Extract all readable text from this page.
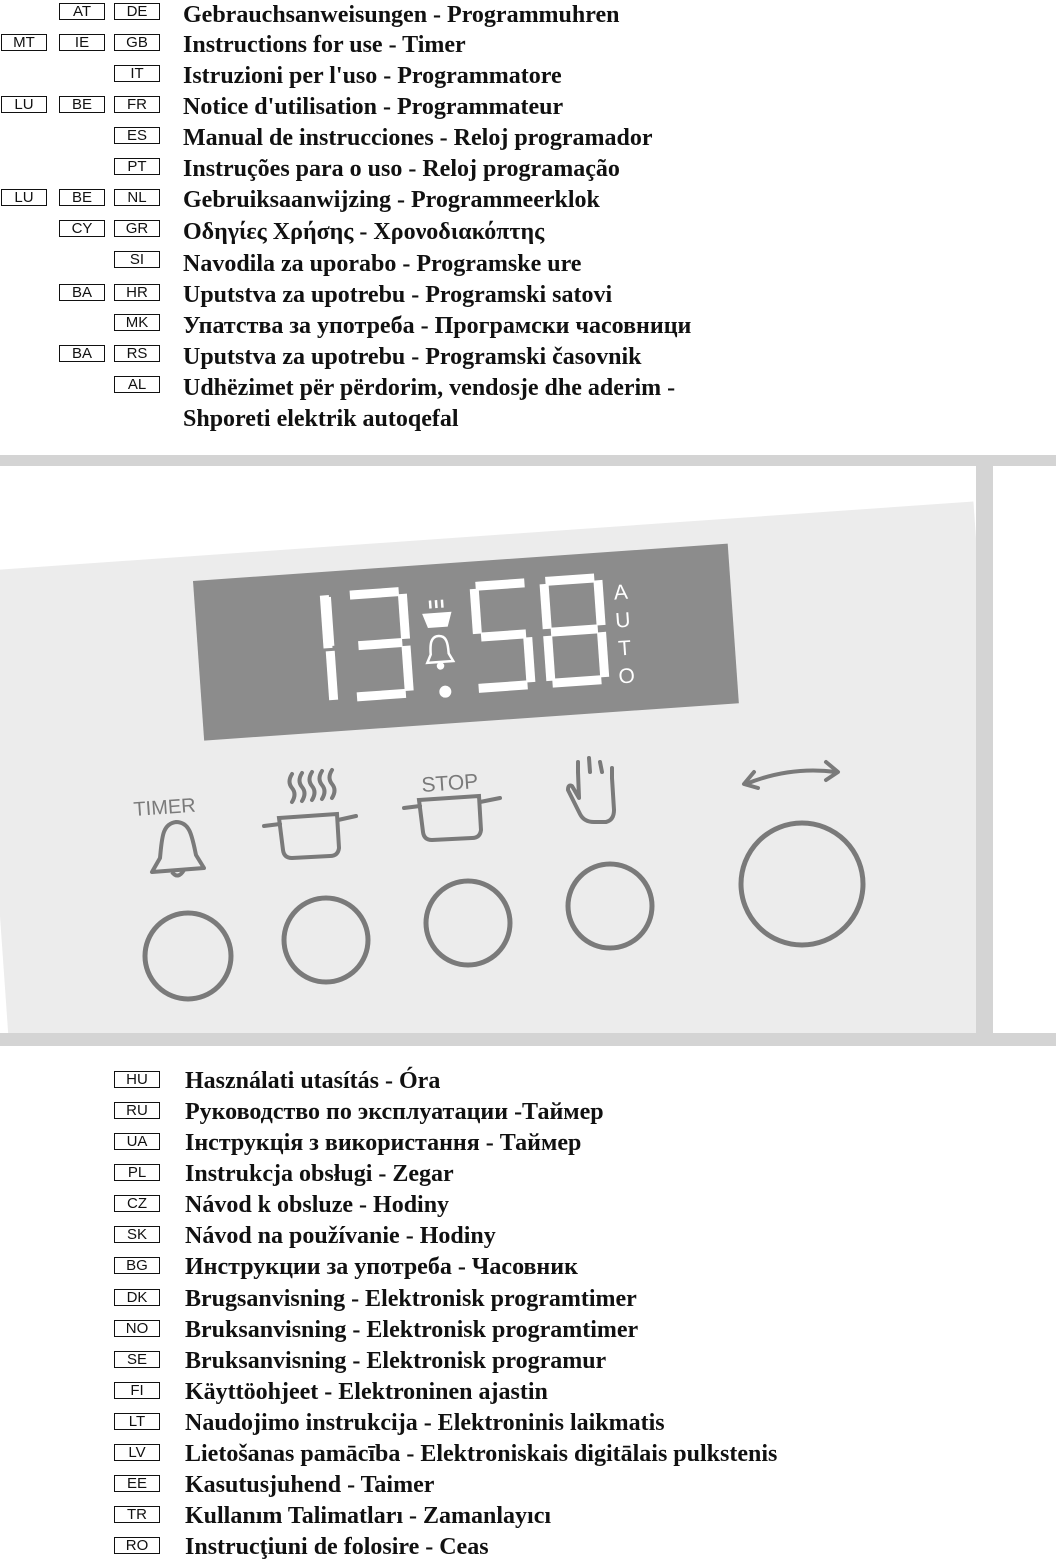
AT	DE	Gebrauchsanweisungen - Programmuhren
MT	IE	GB	Instructions for use - Timer
IT	Istruzioni per l'uso - Programmatore
LU	BE	FR	Notice d'utilisation - Programmateur
ES	Manual de instrucciones - Reloj programador
PT	Instruções para o uso - Reloj programação
LU	BE	NL	Gebruiksaanwijzing - Programmeerklok
CY	GR	Οδηγίες Χρήσης - Χρονοδιακόπτης
SI	Navodila za uporabo - Programske ure
BA	HR	Uputstva za upotrebu - Programski satovi
MK	Упатства за употреба - Програмски часовници
BA	RS	Uputstva za upotrebu - Programski časovnik
AL	Udhëzimet për përdorim, vendosje dhe aderim -
Shporeti elektrik autoqefal
A
U
T
O
TIMER
STOP
HU	Használati utasítás - Óra
RU	Руководство по эксплуатации -Таймер
UA	Інструкція з використання - Таймер
PL	Instrukcja obsługi - Zegar
CZ	Návod k obsluze - Hodiny
SK	Návod na používanie - Hodiny
BG	Инструкции за употреба - Часовник
DK	Brugsanvisning - Elektronisk programtimer
NO	Bruksanvisning - Elektronisk programtimer
SE	Bruksanvisning - Elektronisk programur
FI	Käyttöohjeet - Elektroninen ajastin
LT	Naudojimo instrukcija - Elektroninis laikmatis
LV	Lietošanas pamācība - Elektroniskais digitālais pulkstenis
EE	Kasutusjuhend - Taimer
TR	Kullanım Talimatları - Zamanlayıcı
RO	Instrucţiuni de folosire - Ceas
